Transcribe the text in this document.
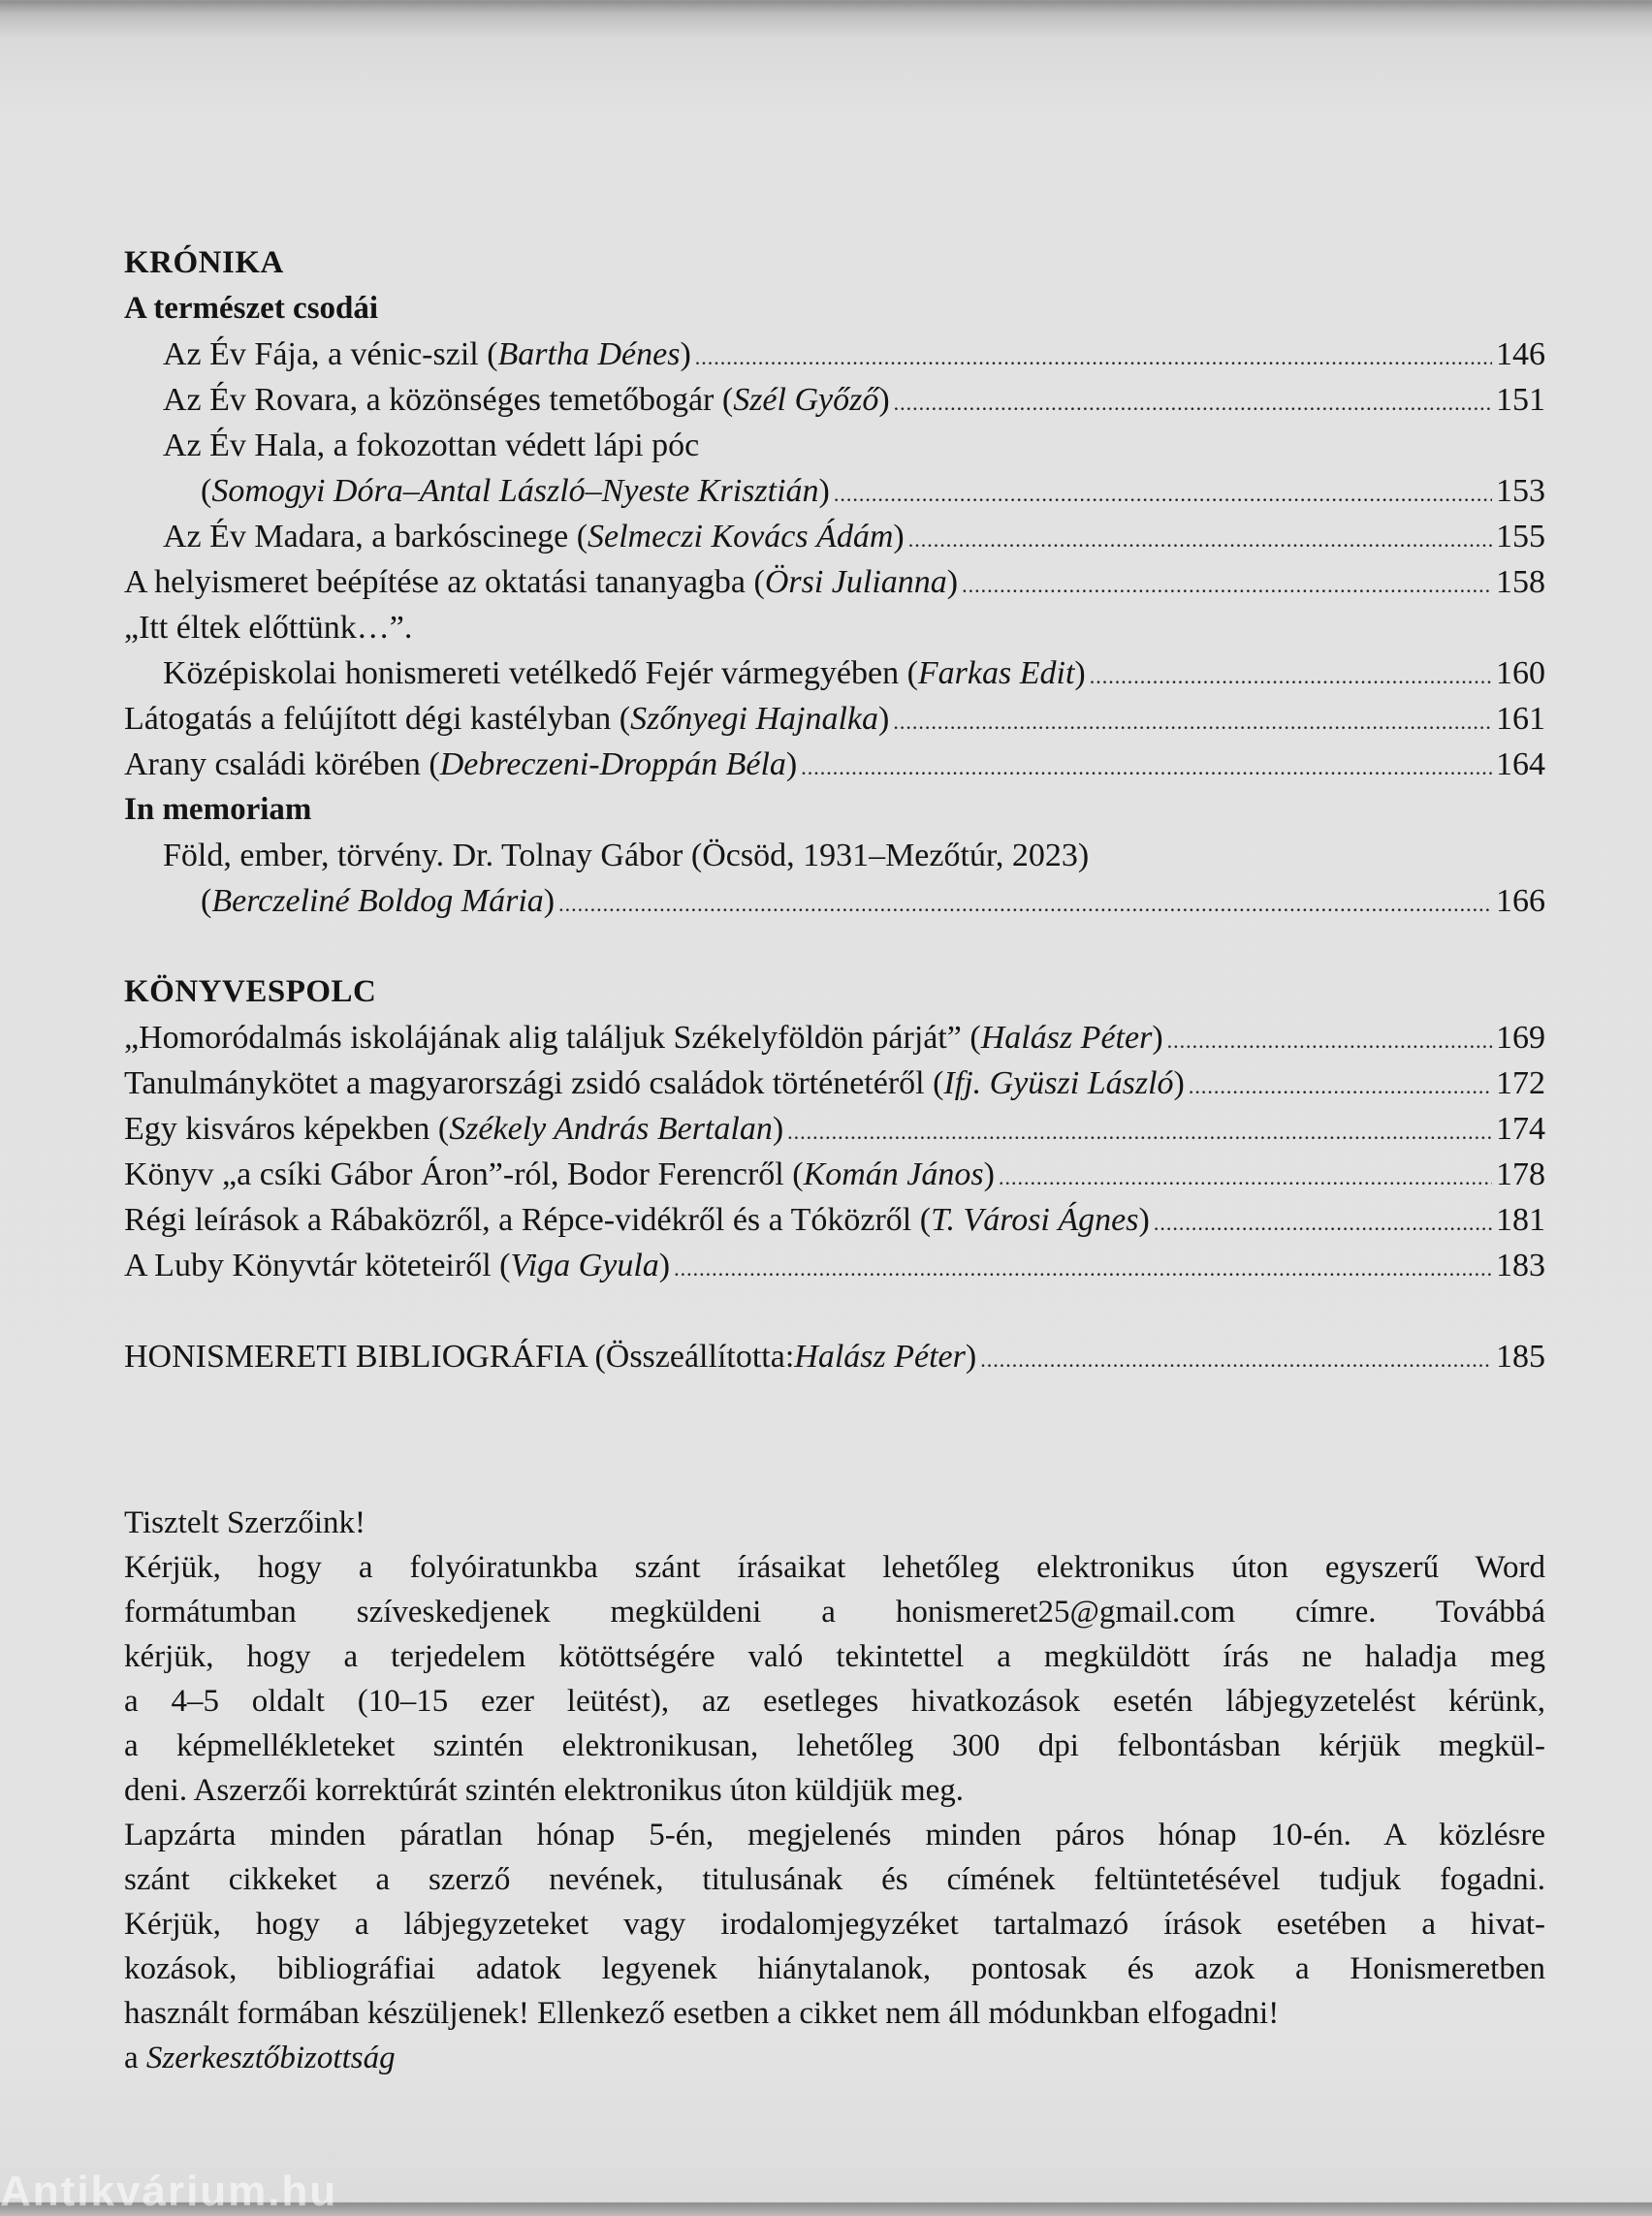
KRÓNIKA
A természet csodái
Az Év Fája, a vénic-szil ( Bartha Dénes ) .....	146
Az Év Rovara, a közönséges temetőbogár ( Szél Győző ) .....	151
Az Év Hala, a fokozottan védett lápi póc
( Somogyi Dóra–Antal László–Nyeste Krisztián ) .....	153
Az Év Madara, a barkóscinege ( Selmeczi Kovács Ádám ) .....	155
A helyismeret beépítése az oktatási tananyagba ( Örsi Julianna ) .....	158
„Itt éltek előttünk…”.
Középiskolai honismereti vetélkedő Fejér vármegyében ( Farkas Edit ) .....	160
Látogatás a felújított dégi kastélyban ( Szőnyegi Hajnalka ) .....	161
Arany családi körében ( Debreczeni-Droppán Béla ) .....	164
In memoriam
Föld, ember, törvény. Dr. Tolnay Gábor (Öcsöd, 1931–Mezőtúr, 2023)
( Berczeliné Boldog Mária ) .....	166
KÖNYVESPOLC
„Homoródalmás iskolájának alig találjuk Székelyföldön párját” ( Halász Péter ) .....	169
Tanulmánykötet a magyarországi zsidó családok történetéről ( Ifj. Gyüszi László ) .....	172
Egy kisváros képekben ( Székely András Bertalan ) .....	174
Könyv „a csíki Gábor Áron”-ról, Bodor Ferencről ( Komán János ) .....	178
Régi leírások a Rábaközről, a Répce-vidékről és a Tóközről ( T. Városi Ágnes ) .....	181
A Luby Könyvtár köteteiről ( Viga Gyula ) .....	183
HONISMERETI BIBLIOGRÁFIA (Összeállította: Halász Péter ) .....	185
Tisztelt Szerzőink!
Kérjük, hogy a folyóiratunkba szánt írásaikat lehetőleg elektronikus úton egyszerű Word
formátumban szíveskedjenek megküldeni a honismeret25@gmail.com címre. Továbbá
kérjük, hogy a terjedelem kötöttségére való tekintettel a megküldött írás ne haladja meg
a 4–5 oldalt (10–15 ezer leütést), az esetleges hivatkozások esetén lábjegyzetelést kérünk,
a képmellékleteket szintén elektronikusan, lehetőleg 300 dpi felbontásban kérjük megkül-
deni. Aszerzői korrektúrát szintén elektronikus úton küldjük meg.
Lapzárta minden páratlan hónap 5-én, megjelenés minden páros hónap 10-én. A közlésre
szánt cikkeket a szerző nevének, titulusának és címének feltüntetésével tudjuk fogadni.
Kérjük, hogy a lábjegyzeteket vagy irodalomjegyzéket tartalmazó írások esetében a hivat-
kozások, bibliográfiai adatok legyenek hiánytalanok, pontosak és azok a Honismeretben
használt formában készüljenek! Ellenkező esetben a cikket nem áll módunkban elfogadni!
a Szerkesztőbizottság
Antikvárium.hu
